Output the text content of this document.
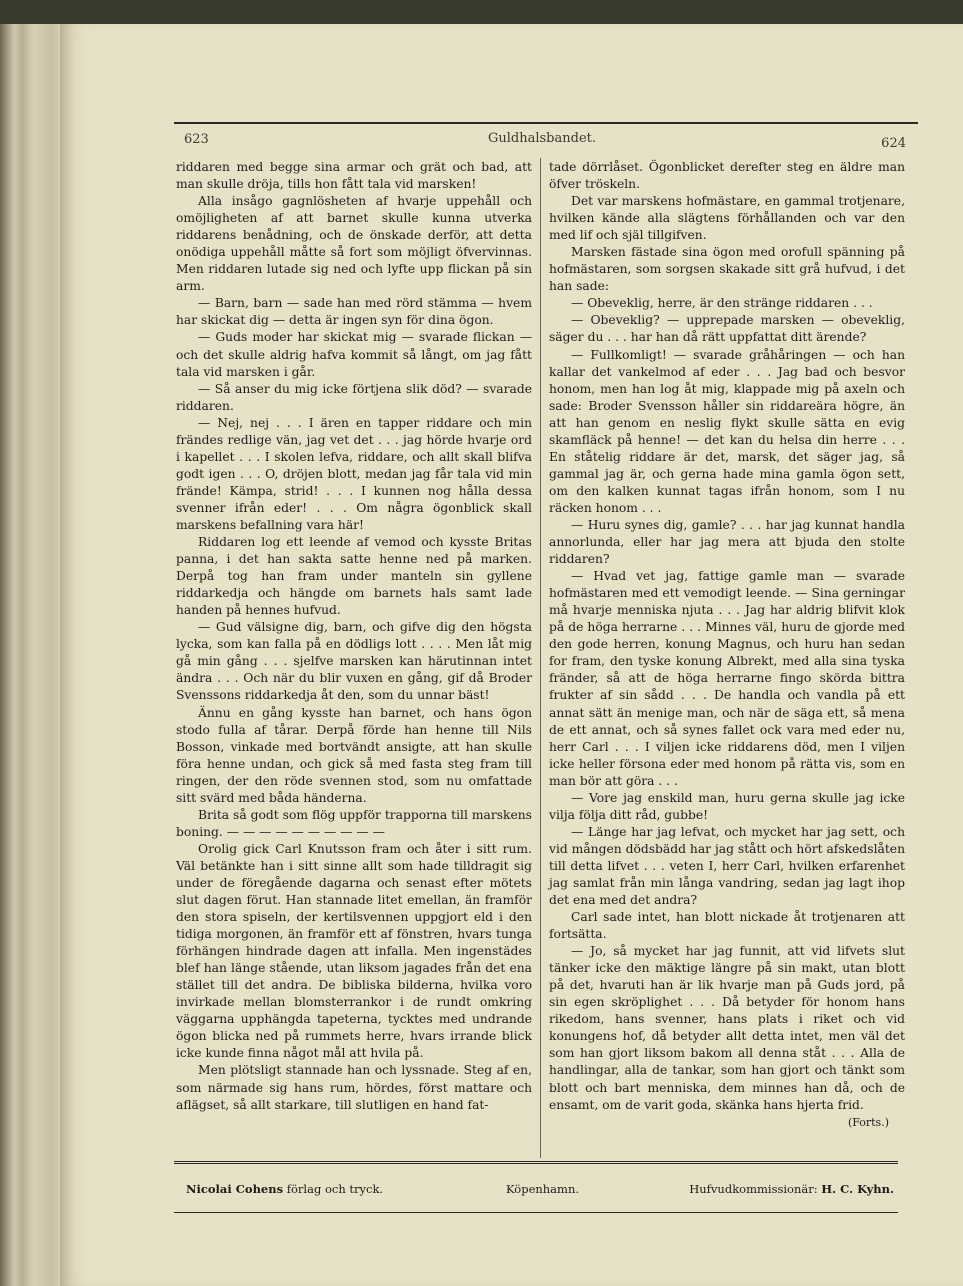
623	Guldhalsbandet.	624

riddaren med begge sina armar och grät och bad, att man skulle dröja, tills hon fått tala vid marsken!

Alla insågo gagnlösheten af hvarje uppehåll och omöjligheten af att barnet skulle kunna utverka riddarens benådning, och de önskade derför, att detta onödiga uppehåll måtte så fort som möjligt öfvervinnas. Men riddaren lutade sig ned och lyfte upp flickan på sin arm.

— Barn, barn — sade han med rörd stämma — hvem har skickat dig — detta är ingen syn för dina ögon.

— Guds moder har skickat mig — svarade flickan — och det skulle aldrig hafva kommit så långt, om jag fått tala vid marsken i går.

— Så anser du mig icke förtjena slik död? — svarade riddaren.

— Nej, nej . . . I ären en tapper riddare och min frändes redlige vän, jag vet det . . . jag hörde hvarje ord i kapellet . . . I skolen lefva, riddare, och allt skall blifva godt igen . . . O, dröjen blott, medan jag får tala vid min frände! Kämpa, strid! . . . I kunnen nog hålla dessa svenner ifrån eder! . . . Om några ögonblick skall marskens befallning vara här!

Riddaren log ett leende af vemod och kysste Britas panna, i det han sakta satte henne ned på marken. Derpå tog han fram under manteln sin gyllene riddarkedja och hängde om barnets hals samt lade handen på hennes hufvud.

— Gud välsigne dig, barn, och gifve dig den högsta lycka, som kan falla på en dödligs lott . . . . Men låt mig gå min gång . . . sjelfve marsken kan härutinnan intet ändra . . . Och när du blir vuxen en gång, gif då Broder Svenssons riddarkedja åt den, som du unnar bäst!

Ännu en gång kysste han barnet, och hans ögon stodo fulla af tårar. Derpå förde han henne till Nils Bosson, vinkade med bortvändt ansigte, att han skulle föra henne undan, och gick så med fasta steg fram till ringen, der den röde svennen stod, som nu omfattade sitt svärd med båda händerna.

Brita så godt som flög uppför trapporna till marskens boning. — — — — — — — — — —

Orolig gick Carl Knutsson fram och åter i sitt rum. Väl betänkte han i sitt sinne allt som hade tilldragit sig under de föregående dagarna och senast efter mötets slut dagen förut. Han stannade litet emellan, än framför den stora spiseln, der kertilsvennen uppgjort eld i den tidiga morgonen, än framför ett af fönstren, hvars tunga förhängen hindrade dagen att infalla. Men ingenstädes blef han länge stående, utan liksom jagades från det ena stället till det andra. De bibliska bilderna, hvilka voro invirkade mellan blomsterrankor i de rundt omkring väggarna upphängda tapeterna, tycktes med undrande ögon blicka ned på rummets herre, hvars irrande blick icke kunde finna något mål att hvila på.

Men plötsligt stannade han och lyssnade. Steg af en, som närmade sig hans rum, hördes, först mattare och aflägset, så allt starkare, till slutligen en hand fat-

tade dörrlåset. Ögonblicket derefter steg en äldre man öfver tröskeln.

Det var marskens hofmästare, en gammal trotjenare, hvilken kände alla slägtens förhållanden och var den med lif och själ tillgifven.

Marsken fästade sina ögon med orofull spänning på hofmästaren, som sorgsen skakade sitt grå hufvud, i det han sade:

— Obeveklig, herre, är den stränge riddaren . . .

— Obeveklig? — upprepade marsken — obeveklig, säger du . . . har han då rätt uppfattat ditt ärende?

— Fullkomligt! — svarade gråhåringen — och han kallar det vankelmod af eder . . . Jag bad och besvor honom, men han log åt mig, klappade mig på axeln och sade: Broder Svensson håller sin riddareära högre, än att han genom en neslig flykt skulle sätta en evig skamfläck på henne! — det kan du helsa din herre . . . En ståtelig riddare är det, marsk, det säger jag, så gammal jag är, och gerna hade mina gamla ögon sett, om den kalken kunnat tagas ifrån honom, som I nu räcken honom . . .

— Huru synes dig, gamle? . . . har jag kunnat handla annorlunda, eller har jag mera att bjuda den stolte riddaren?

— Hvad vet jag, fattige gamle man — svarade hofmästaren med ett vemodigt leende. — Sina gerningar må hvarje menniska njuta . . . Jag har aldrig blifvit klok på de höga herrarne . . . Minnes väl, huru de gjorde med den gode herren, konung Magnus, och huru han sedan for fram, den tyske konung Albrekt, med alla sina tyska fränder, så att de höga herrarne fingo skörda bittra frukter af sin sådd . . . De handla och vandla på ett annat sätt än menige man, och när de säga ett, så mena de ett annat, och så synes fallet ock vara med eder nu, herr Carl . . . I viljen icke riddarens död, men I viljen icke heller försona eder med honom på rätta vis, som en man bör att göra . . .

— Vore jag enskild man, huru gerna skulle jag icke vilja följa ditt råd, gubbe!

— Länge har jag lefvat, och mycket har jag sett, och vid mången dödsbädd har jag stått och hört afskedslåten till detta lifvet . . . veten I, herr Carl, hvilken erfarenhet jag samlat från min långa vandring, sedan jag lagt ihop det ena med det andra?

Carl sade intet, han blott nickade åt trotjenaren att fortsätta.

— Jo, så mycket har jag funnit, att vid lifvets slut tänker icke den mäktige längre på sin makt, utan blott på det, hvaruti han är lik hvarje man på Guds jord, på sin egen skröplighet . . . Då betyder för honom hans rikedom, hans svenner, hans plats i riket och vid konungens hof, då betyder allt detta intet, men väl det som han gjort liksom bakom all denna ståt . . . Alla de handlingar, alla de tankar, som han gjort och tänkt som blott och bart menniska, dem minnes han då, och de ensamt, om de varit goda, skänka hans hjerta frid.

(Forts.)

Nicolai Cohens förlag och tryck.	Köpenhamn.	Hufvudkommissionär: H. C. Kyhn.
